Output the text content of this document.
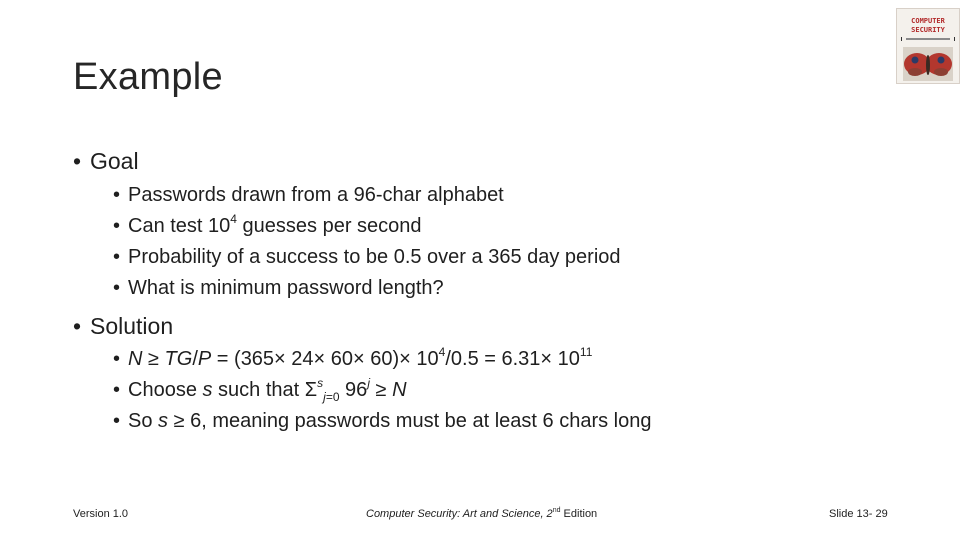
Example
COMPUTER
SECURITY
• Goal
• Passwords drawn from a 96-char alphabet
• Can test $10^4$ guesses per second
• Probability of a success to be 0.5 over a 365 day period
• What is minimum password length?
• Solution
• $N \ge TG/P = (365\times 24\times 60\times 60)\times 10^4/0.5 = 6.31\times 10^{11}$
• Choose s such that $\Sigma^s_{j=0}$ $96^j \ge N$
• So s ≥ 6, meaning passwords must be at least 6 chars long
Version 1.0	Computer Security: Art and Science, 2nd Edition	Slide 13- 29
